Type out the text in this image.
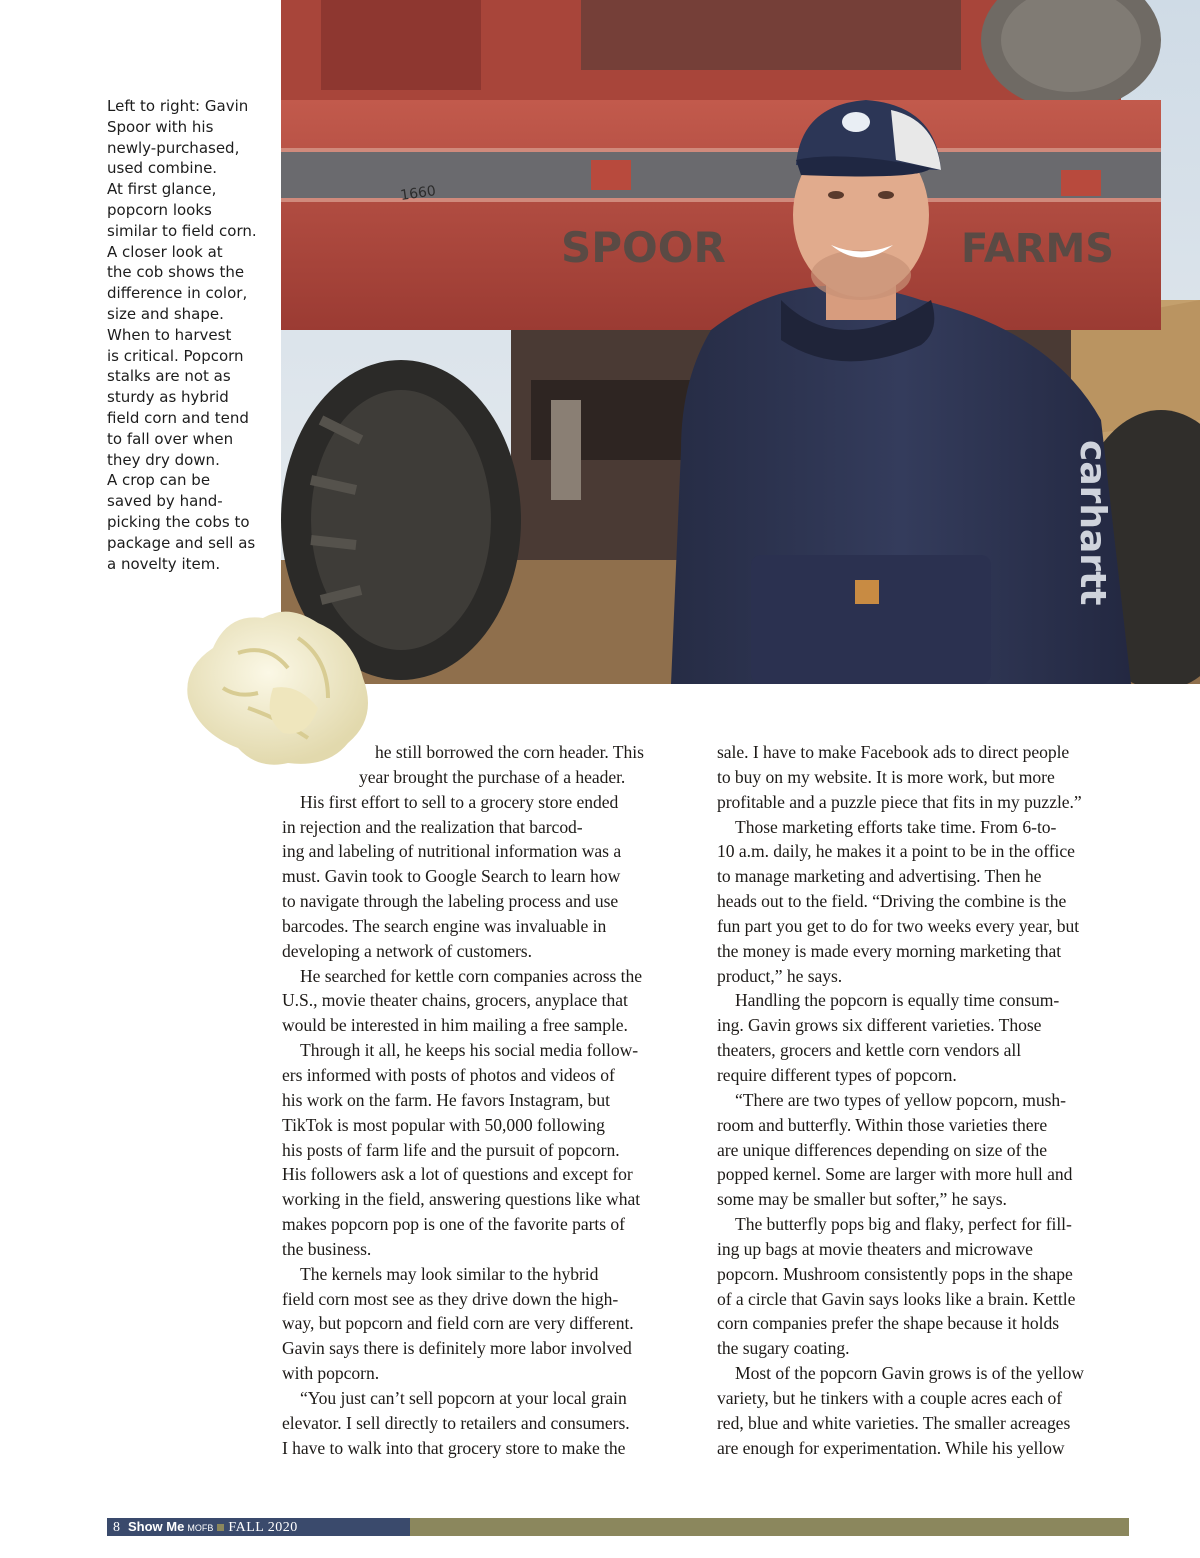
Left to right: Gavin
Spoor with his
newly-purchased,
used combine.
At first glance,
popcorn looks
similar to field corn.
A closer look at
the cob shows the
difference in color,
size and shape.
When to harvest
is critical. Popcorn
stalks are not as
sturdy as hybrid
field corn and tend
to fall over when
they dry down.
A crop can be
saved by hand-
picking the cobs to
package and sell as
a novelty item.

1660
SPOOR	FARMS
carhartt

he still borrowed the corn header. This
year brought the purchase of a header.

His first effort to sell to a grocery store ended
in rejection and the realization that barcod-
ing and labeling of nutritional information was a
must. Gavin took to Google Search to learn how
to navigate through the labeling process and use
barcodes. The search engine was invaluable in
developing a network of customers.

He searched for kettle corn companies across the
U.S., movie theater chains, grocers, anyplace that
would be interested in him mailing a free sample.

Through it all, he keeps his social media follow-
ers informed with posts of photos and videos of
his work on the farm. He favors Instagram, but
TikTok is most popular with 50,000 following
his posts of farm life and the pursuit of popcorn.
His followers ask a lot of questions and except for
working in the field, answering questions like what
makes popcorn pop is one of the favorite parts of
the business.

The kernels may look similar to the hybrid
field corn most see as they drive down the high-
way, but popcorn and field corn are very different.
Gavin says there is definitely more labor involved
with popcorn.

“You just can’t sell popcorn at your local grain
elevator. I sell directly to retailers and consumers.
I have to walk into that grocery store to make the

sale. I have to make Facebook ads to direct people
to buy on my website. It is more work, but more
profitable and a puzzle piece that fits in my puzzle.”

Those marketing efforts take time. From 6-to-
10 a.m. daily, he makes it a point to be in the office
to manage marketing and advertising. Then he
heads out to the field. “Driving the combine is the
fun part you get to do for two weeks every year, but
the money is made every morning marketing that
product,” he says.

Handling the popcorn is equally time consum-
ing. Gavin grows six different varieties. Those
theaters, grocers and kettle corn vendors all
require different types of popcorn.

“There are two types of yellow popcorn, mush-
room and butterfly. Within those varieties there
are unique differences depending on size of the
popped kernel. Some are larger with more hull and
some may be smaller but softer,” he says.

The butterfly pops big and flaky, perfect for fill-
ing up bags at movie theaters and microwave
popcorn. Mushroom consistently pops in the shape
of a circle that Gavin says looks like a brain. Kettle
corn companies prefer the shape because it holds
the sugary coating.

Most of the popcorn Gavin grows is of the yellow
variety, but he tinkers with a couple acres each of
red, blue and white varieties. The smaller acreages
are enough for experimentation. While his yellow

8 Show Me MOFB FALL 2020
